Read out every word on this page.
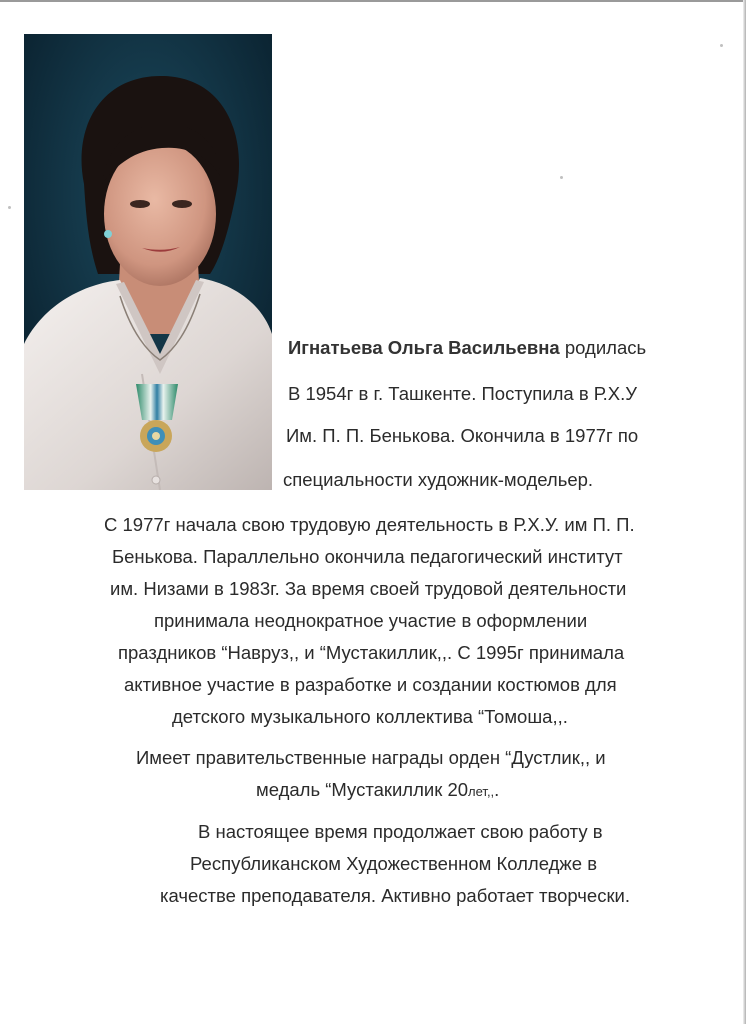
Игнатьева Ольга Васильевна родилась

В 1954г в г. Ташкенте. Поступила в Р.Х.У

Им. П. П. Бенькова. Окончила в 1977г по

специальности художник-модельер.

С 1977г начала свою трудовую деятельность в Р.Х.У. им П. П.

Бенькова. Параллельно окончила педагогический институт

им. Низами в 1983г. За время своей трудовой деятельности

принимала неоднократное участие в оформлении

праздников “Навруз,, и “Мустакиллик,,. С 1995г принимала

активное участие в разработке и создании костюмов для

детского музыкального коллектива “Томоша,,.

Имеет правительственные награды орден “Дустлик,, и

медаль “Мустакиллик 20лет,,.

В настоящее время продолжает свою работу в

Республиканском Художественном Колледже в

качестве преподавателя. Активно работает творчески.
